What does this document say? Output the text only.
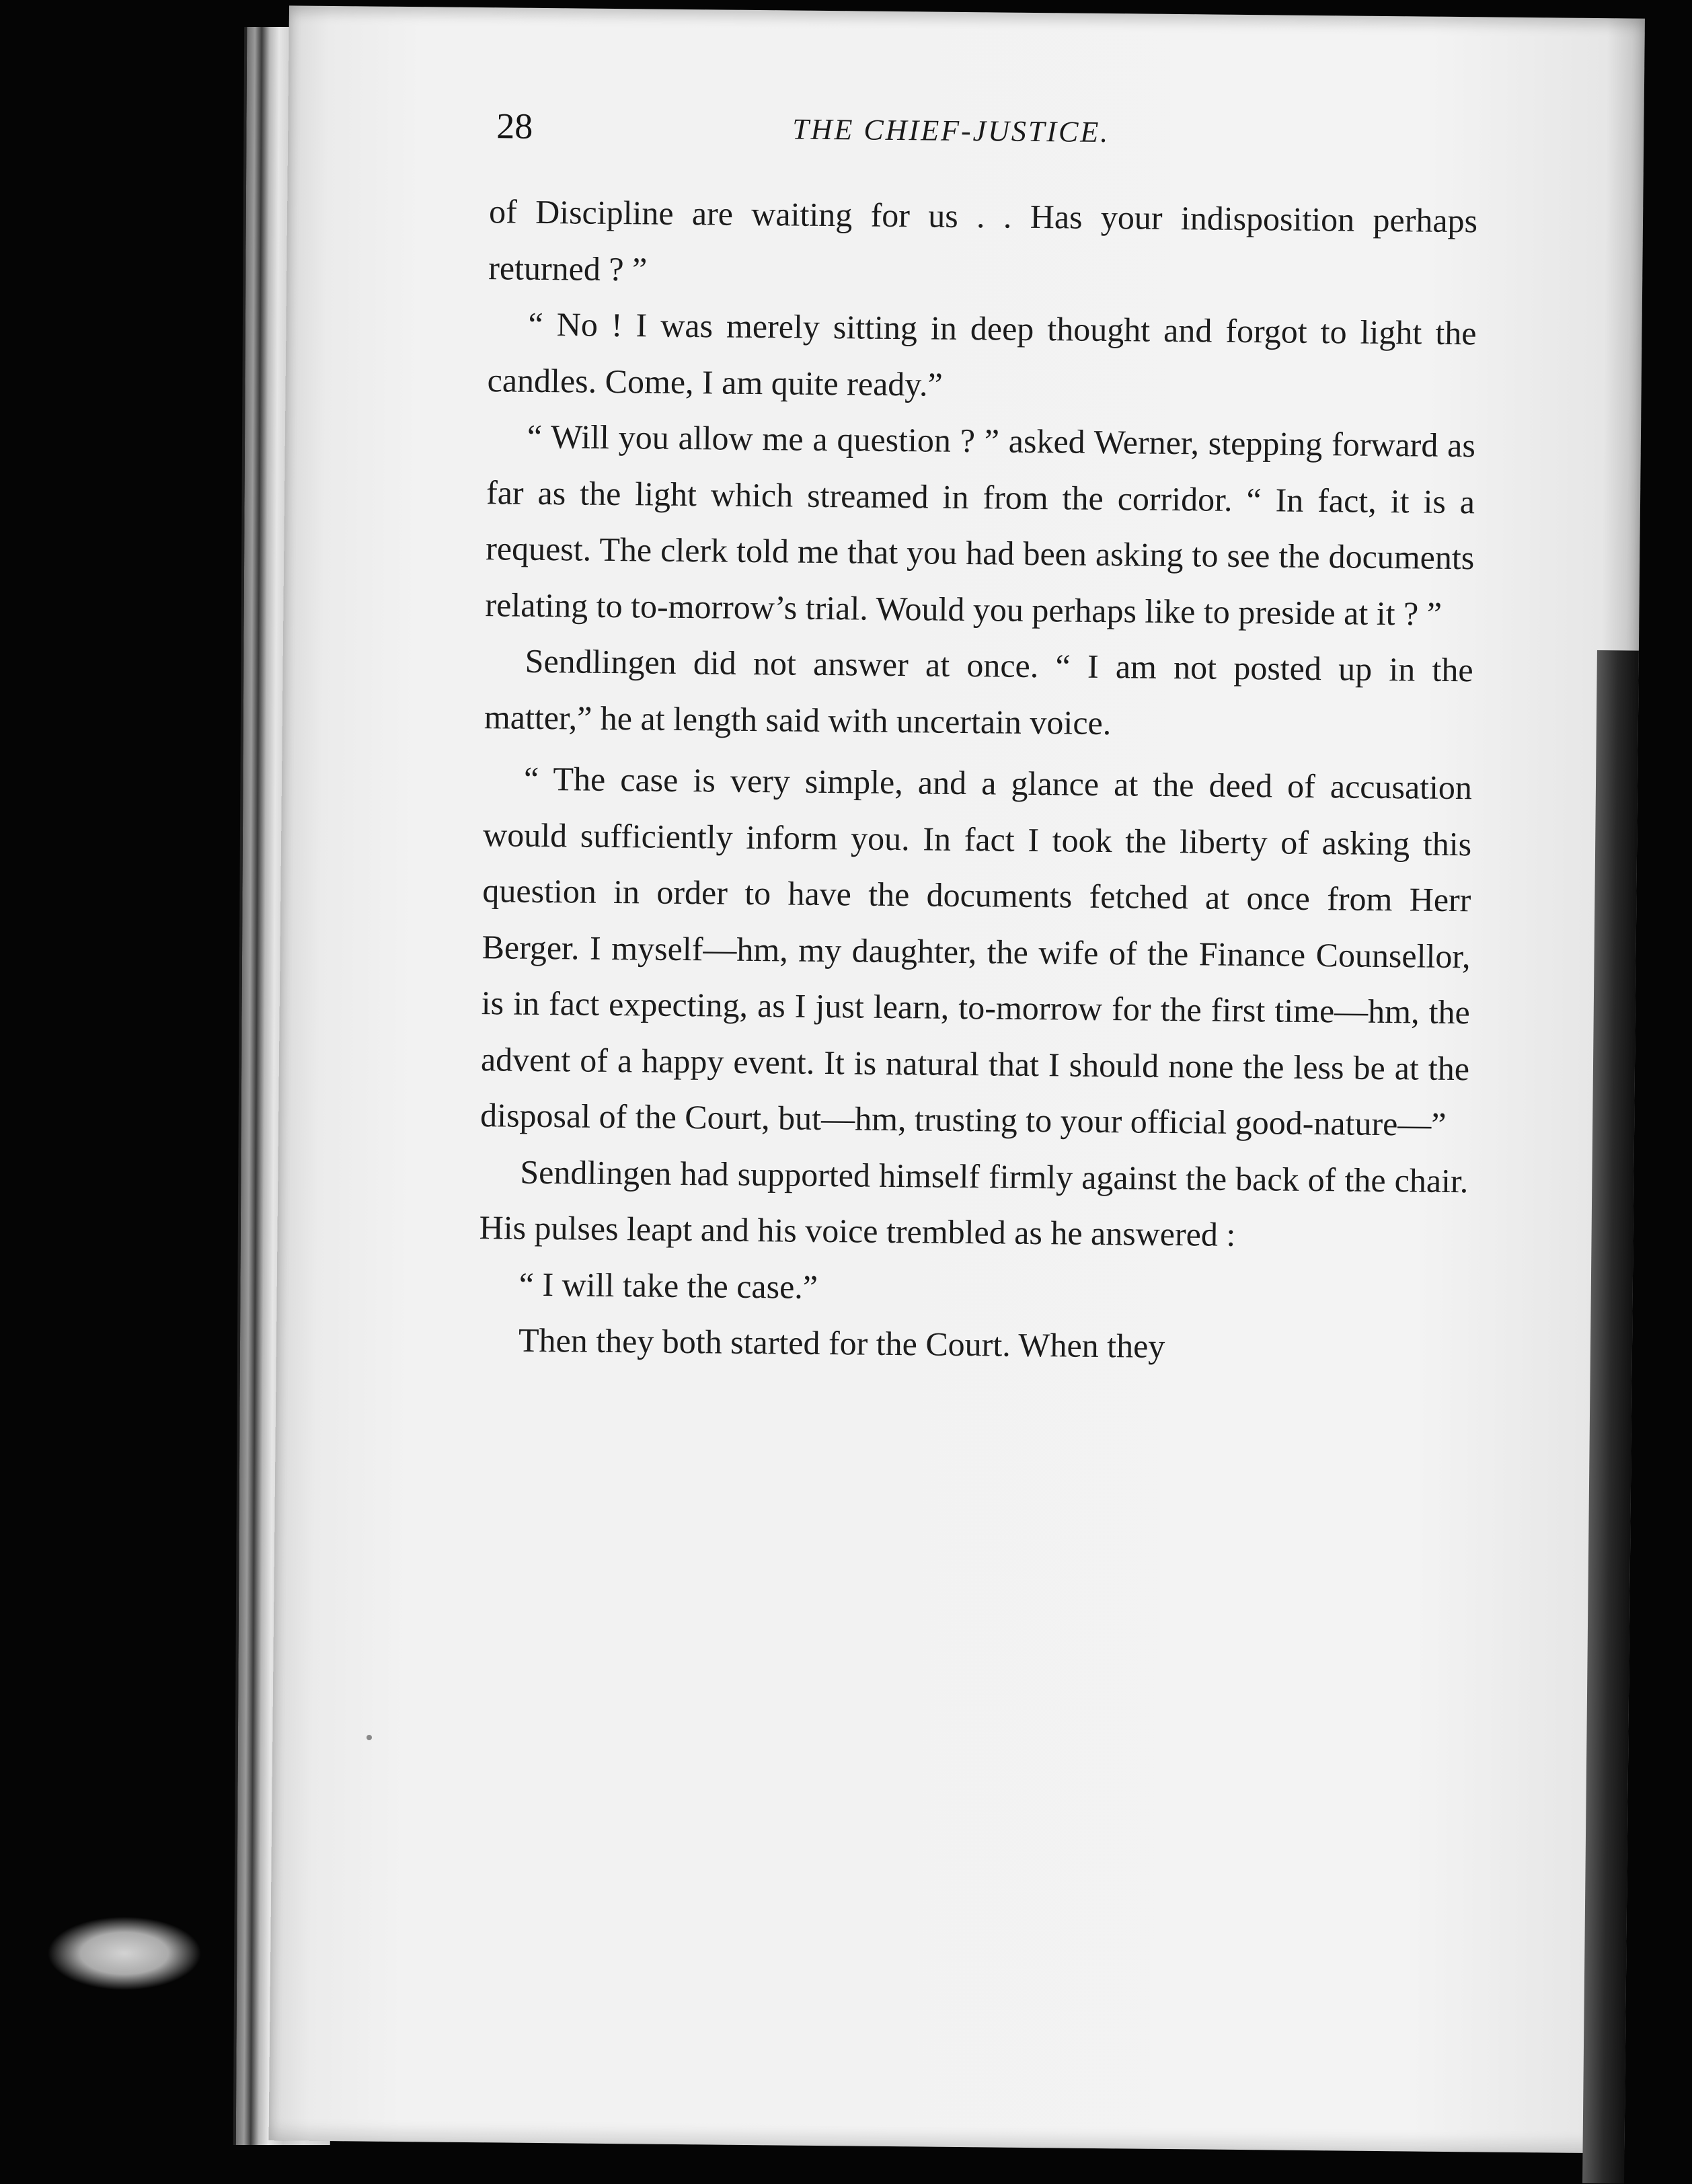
28	THE CHIEF-JUSTICE.

of Discipline are waiting for us . . Has your indisposition perhaps returned ? ”

“ No ! I was merely sitting in deep thought and forgot to light the candles. Come, I am quite ready.”

“ Will you allow me a question ? ” asked Werner, stepping forward as far as the light which streamed in from the corridor. “ In fact, it is a request. The clerk told me that you had been asking to see the documents relating to to-morrow’s trial. Would you perhaps like to preside at it ? ”

Sendlingen did not answer at once. “ I am not posted up in the matter,” he at length said with uncertain voice.

“ The case is very simple, and a glance at the deed of accusation would sufficiently inform you. In fact I took the liberty of asking this question in order to have the documents fetched at once from Herr Berger. I myself—hm, my daughter, the wife of the Finance Counsellor, is in fact expecting, as I just learn, to-morrow for the first time—hm, the advent of a happy event. It is natural that I should none the less be at the disposal of the Court, but—hm, trusting to your official good-nature—”

Sendlingen had supported himself firmly against the back of the chair. His pulses leapt and his voice trembled as he answered :

“ I will take the case.”

Then they both started for the Court. When they
